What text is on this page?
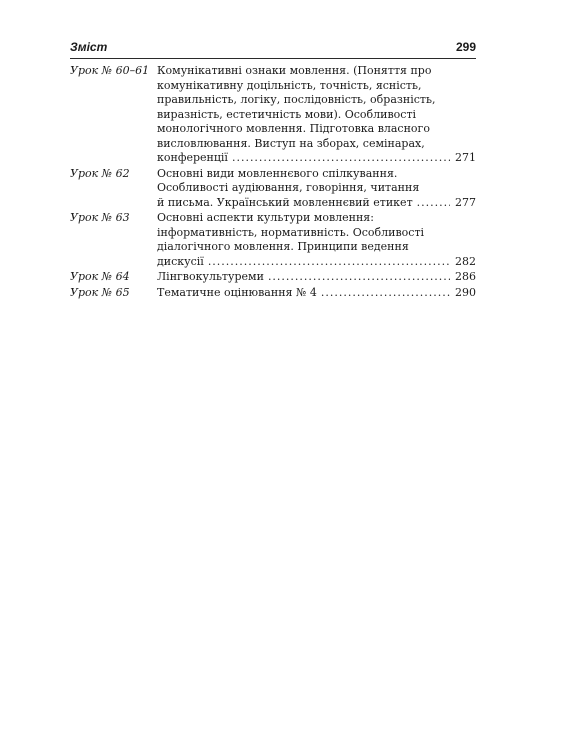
Зміст	299
Урок № 60–61 Комунікативні ознаки мовлення. (Поняття про
комунікативну доцільність, точність, ясність,
правильність, логіку, послідовність, образність,
виразність, естетичність мови). Особливості
монологічного мовлення. Підготовка власного
висловлювання. Виступ на зборах, семінарах,
конференції .....	271
Урок № 62	Основні види мовленнєвого спілкування.
Особливості аудіювання, говоріння, читання
й письма. Український мовленнєвий етикет .....	277
Урок № 63	Основні аспекти культури мовлення:
інформативність, нормативність. Особливості
діалогічного мовлення. Принципи ведення
дискусії .....	282
Урок № 64	Лінгвокультуреми .....	286
Урок № 65	Тематичне оцінювання № 4 .....	290
